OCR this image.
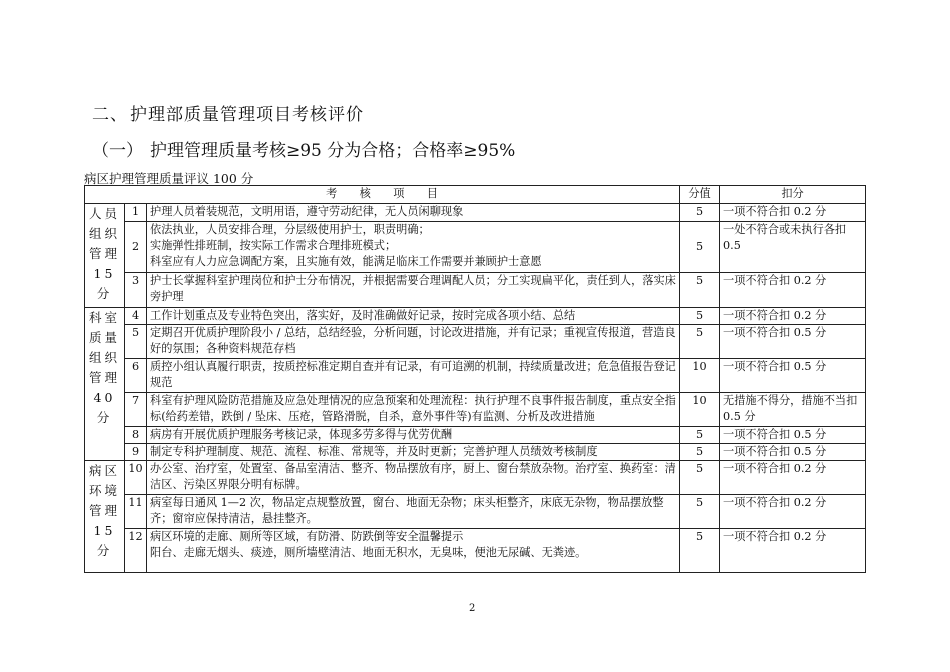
二、 护理部质量管理项目考核评价
（一） 护理管理质量考核≥95 分为合格；合格率≥95%
病区护理管理质量评议 100 分
考　　核　　项　　目			分值	扣分
人员
组织
管理
15分	1	护理人员着装规范，文明用语，遵守劳动纪律，无人员闲聊现象	5	一项不符合扣 0.2 分
	2	依法执业，人员安排合理，分层级使用护士，职责明确；
实施弹性排班制，按实际工作需求合理排班模式；
科室应有人力应急调配方案，且实施有效，能满足临床工作需要并兼顾护士意愿	5	一处不符合或未执行各扣 0.5
	3	护士长掌握科室护理岗位和护士分布情况，并根据需要合理调配人员；分工实现扁平化，责任到人，落实床旁护理	5	一项不符合扣 0.2 分
科室
质量
组织
管理
40分	4	工作计划重点及专业特色突出，落实好，及时准确做好记录，按时完成各项小结、总结	5	一项不符合扣 0.2 分
	5	定期召开优质护理阶段小 / 总结，总结经验，分析问题，讨论改进措施，并有记录；重视宣传报道，营造良好的氛围；各种资料规范存档	5	一项不符合扣 0.5 分
	6	质控小组认真履行职责，按质控标准定期自查并有记录，有可追溯的机制，持续质量改进；危急值报告登记规范	10	一项不符合扣 0.5 分
	7	科室有护理风险防范措施及应急处理情况的应急预案和处理流程：执行护理不良事件报告制度，重点安全指标(给药差错，跌倒 / 坠床、压疮，管路滑脱，自杀，意外事件等)有监测、分析及改进措施	10	无措施不得分，措施不当扣 0.5 分
	8	病房有开展优质护理服务考核记录，体现多劳多得与优劳优酬	5	一项不符合扣 0.5 分
	9	制定专科护理制度、规范、流程、标准、常规等，并及时更新；完善护理人员绩效考核制度	5	一项不符合扣 0.5 分
病区
环境
管理
15分	10	办公室、治疗室，处置室、备品室清洁、整齐、物品摆放有序，厨上、窗台禁放杂物。治疗室、换药室：清洁区、污染区界限分明有标牌。	5	一项不符合扣 0.2 分
	11	病室每日通风 1—2 次，物品定点规整放置，窗台、地面无杂物；床头柜整齐，床底无杂物，物品摆放整齐；窗帘应保持清洁，悬挂整齐。	5	一项不符合扣 0.2 分
	12	病区环境的走廊、厕所等区域，有防滑、防跌倒等安全温馨提示
阳台、走廊无烟头、痰迹，厕所墙壁清洁、地面无积水，无臭味，便池无尿碱、无粪迹。	5	一项不符合扣 0.2 分
2
